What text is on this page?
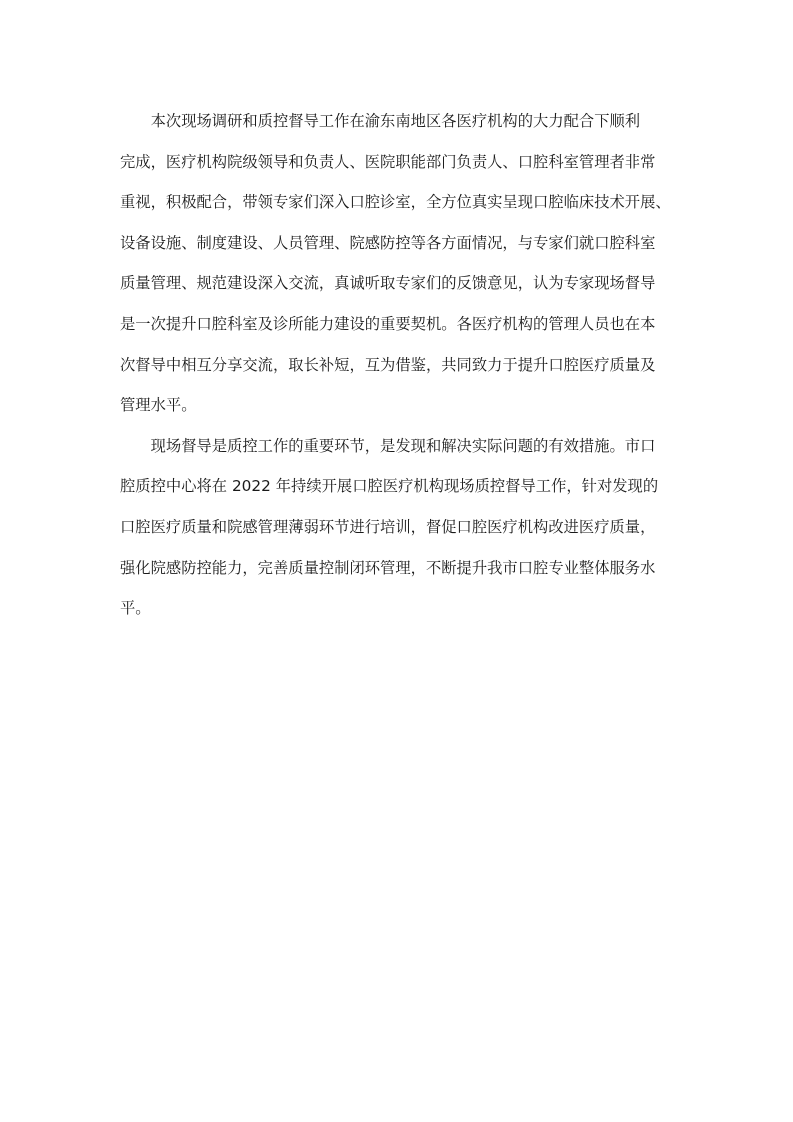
本次现场调研和质控督导工作在渝东南地区各医疗机构的大力配合下顺利
完成，医疗机构院级领导和负责人、医院职能部门负责人、口腔科室管理者非常
重视，积极配合，带领专家们深入口腔诊室，全方位真实呈现口腔临床技术开展、
设备设施、制度建设、人员管理、院感防控等各方面情况，与专家们就口腔科室
质量管理、规范建设深入交流，真诚听取专家们的反馈意见，认为专家现场督导
是一次提升口腔科室及诊所能力建设的重要契机。各医疗机构的管理人员也在本
次督导中相互分享交流，取长补短，互为借鉴，共同致力于提升口腔医疗质量及
管理水平。

现场督导是质控工作的重要环节，是发现和解决实际问题的有效措施。市口
腔质控中心将在 2022 年持续开展口腔医疗机构现场质控督导工作，针对发现的
口腔医疗质量和院感管理薄弱环节进行培训，督促口腔医疗机构改进医疗质量，
强化院感防控能力，完善质量控制闭环管理，不断提升我市口腔专业整体服务水
平。
